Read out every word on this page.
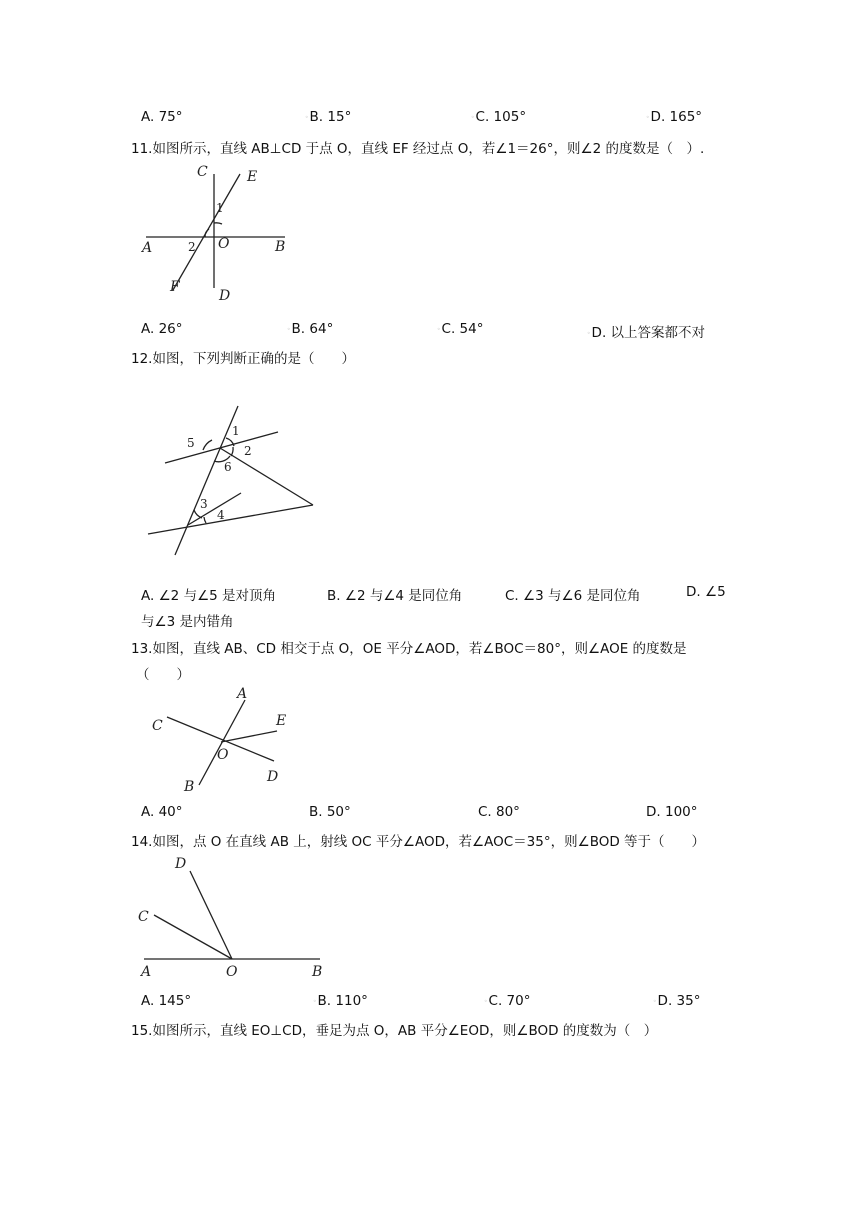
A. 75°	◦B. 15°	◦C. 105°	◦D. 165°
11.如图所示，直线 AB⊥CD 于点 O，直线 EF 经过点 O，若∠1＝26°，则∠2 的度数是（　）.
C	E
1
2
A	O	B
F
D
A. 26°	◦B. 64°	◦C. 54°	◦D. 以上答案都不对
12.如图，下列判断正确的是（　　）
1
5
2
6
3
4
A. ∠2 与∠5 是对顶角	B. ∠2 与∠4 是同位角	C. ∠3 与∠6 是同位角	D. ∠5
与∠3 是内错角
13.如图，直线 AB、CD 相交于点 O，OE 平分∠AOD，若∠BOC＝80°，则∠AOE 的度数是
（　　）
A
C	E
O
D
B
A. 40°	B. 50°	C. 80°	D. 100°
14.如图，点 O 在直线 AB 上，射线 OC 平分∠AOD，若∠AOC＝35°，则∠BOD 等于（　　）
D
C
A	O	B
A. 145°	◦B. 110°	◦C. 70°	◦D. 35°
15.如图所示，直线 EO⊥CD，垂足为点 O，AB 平分∠EOD，则∠BOD 的度数为（　）
